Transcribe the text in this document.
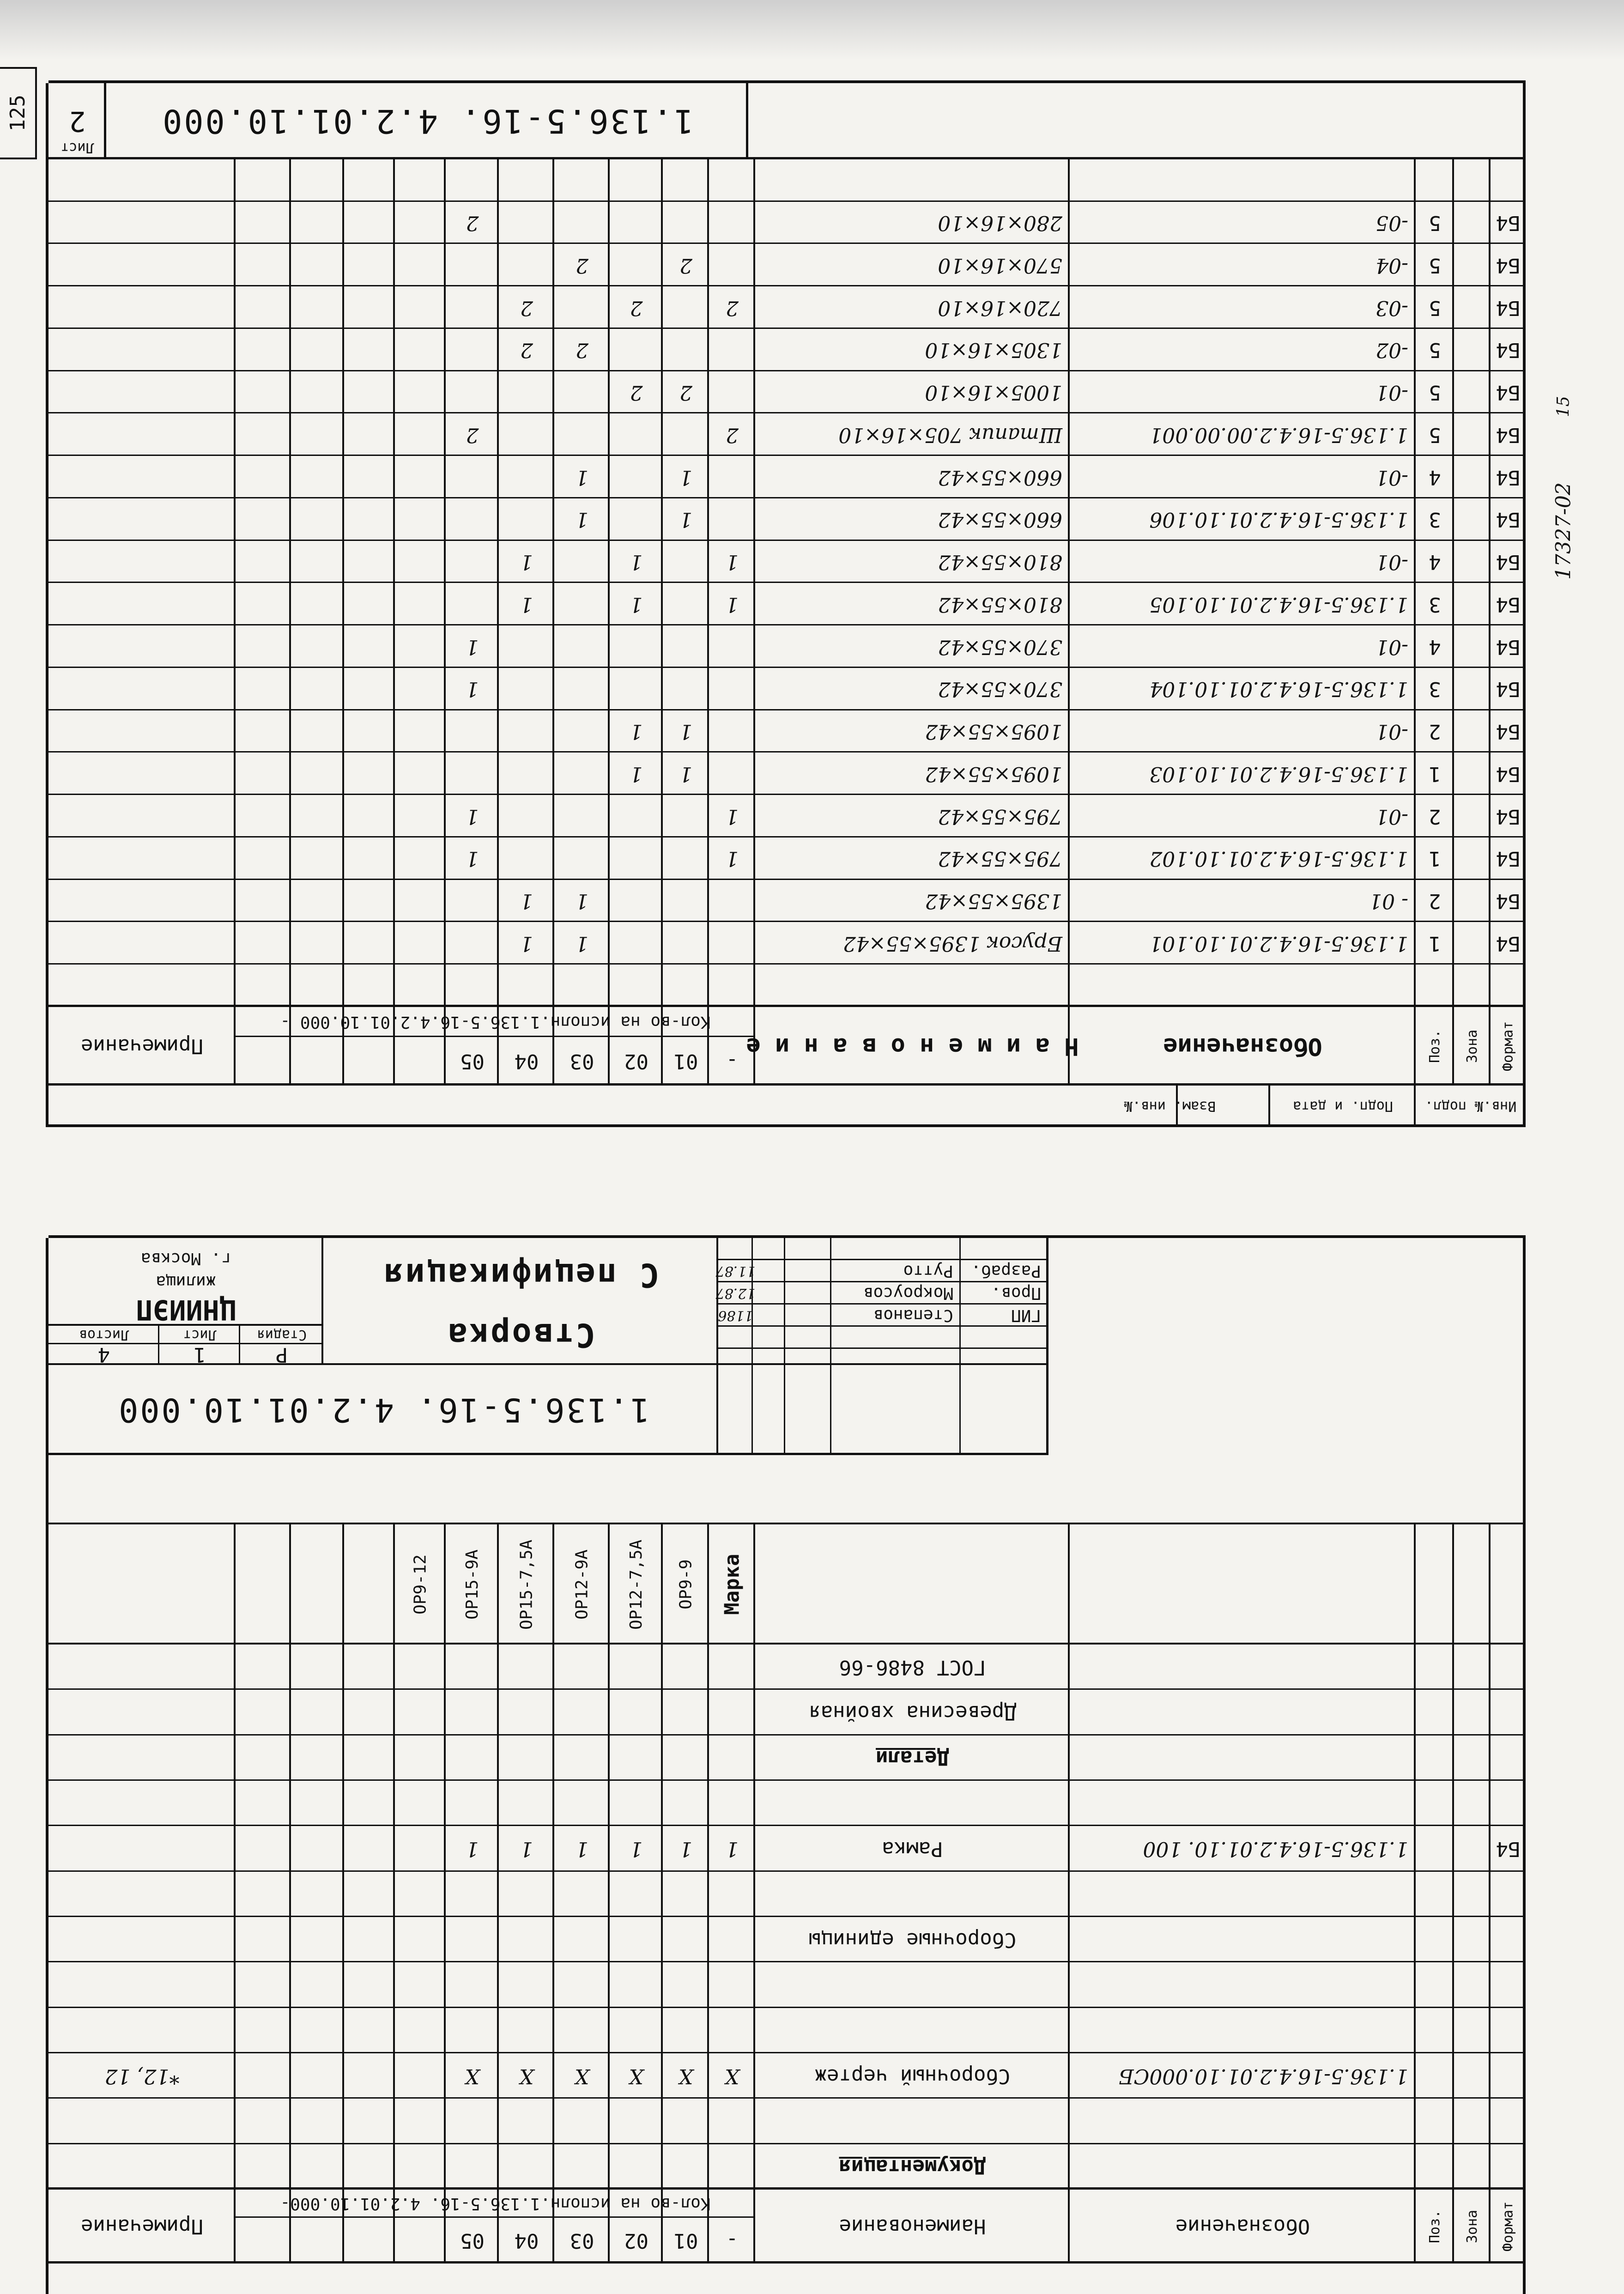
1.136.5-16. 4.2.01.10.000
2
Зона
Поз.	Формат
Обозначение
Н а и м е н о в а н и е
Кол-во на исполн.1.136.5-16.4.2.01.10.000 -
-
01
02
03
04
05
Примечание
Б4
1
1.136.5-16.4.2.01.10.101
Брусок 1395×55×42
1
1
Б4
2
- 01
1395×55×42
1
1
Б4
1
1.136.5-16.4.2.01.10.102
795×55×42
1
1
Б4
2
-01
795×55×42
1
1
Б4
1
1.136.5-16.4.2.01.10.103
1095×55×42
1
1
Б4
2
-01
1095×55×42
1
1
Б4
3
1.136.5-16.4.2.01.10.104
370×55×42
1
Б4
4
-01
370×55×42
1
Б4
3
1.136.5-16.4.2.01.10.105
810×55×42
1
1
1
Б4
4
-01
810×55×42
1
1
1
Б4
3
1.136.5-16.4.2.01.10.106
660×55×42
1
1
Б4
4
-01
660×55×42
1
1
Б4
5
1.136.5-16.4.2.00.00.001
Штапик 705×16×10
2
2
Б4
5
-01
1005×16×10
2
2
Б4
5
-02
1305×16×10
2
2
Б4
5
-03
720×16×10
2
2
2
Б4
5
-04
570×16×10
2
2
Б4
5
-05
280×16×10
2
Инв.№ подл.
Подп. и дата
Взам. инв.№
Лист
1.136.5-16. 4.2.01.10.000
ГИП
Степанов
1186
Пров.
Мокроусов
12.87
Разраб.
Рутто
11.87
Створка
С пецификация
Стадия
Лист
Листов
Р
1
4
ЦНИИЭП
жилища
г. Москва
Марка
ОР9-9
ОР12-7,5А
ОР12-9А
ОР15-7,5А
ОР15-9А
ОР9-12
Формат
Зона
Поз.
Обозначение
Наименование
Кол-во на исполн.1.136.5-16. 4.2.01.10.000-
-
01
02
03
04
05
Примечание
Документация
1.136.5-16.4.2.01.10.000СБ
Сборочный чертеж
Х
Х
Х
Х
Х
Х
*12, 12
Сборочные единицы
Б4
1.136.5-16.4.2.01.10. 100
Рамка
1
1
1
1
1
1
Детали
Древесина хвойная
ГОСТ 8486-66
17327-02
15
125
